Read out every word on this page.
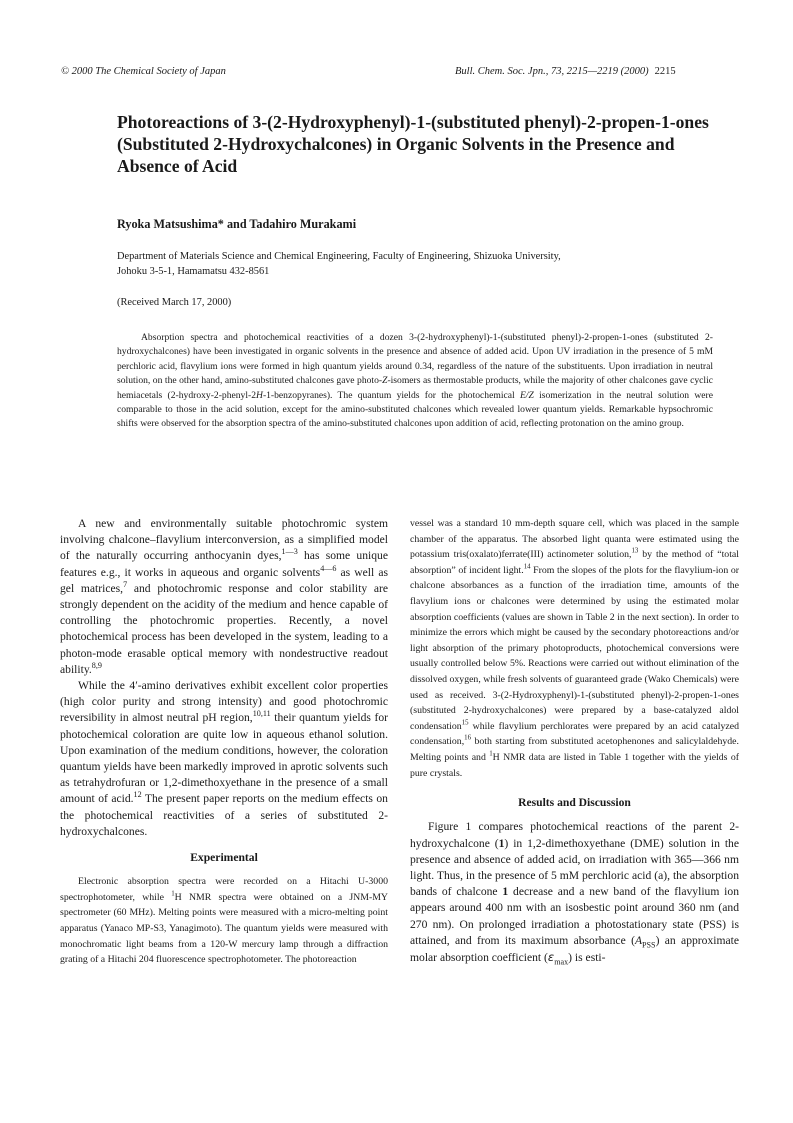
© 2000 The Chemical Society of Japan	Bull. Chem. Soc. Jpn., 73, 2215—2219 (2000) 2215
Photoreactions of 3-(2-Hydroxyphenyl)-1-(substituted phenyl)-2-propen-1-ones (Substituted 2-Hydroxychalcones) in Organic Solvents in the Presence and Absence of Acid
Ryoka Matsushima* and Tadahiro Murakami
Department of Materials Science and Chemical Engineering, Faculty of Engineering, Shizuoka University,
Johoku 3-5-1, Hamamatsu 432-8561
(Received March 17, 2000)

Absorption spectra and photochemical reactivities of a dozen 3-(2-hydroxyphenyl)-1-(substituted phenyl)-2-propen-1-ones (substituted 2-hydroxychalcones) have been investigated in organic solvents in the presence and absence of added acid. Upon UV irradiation in the presence of 5 mM perchloric acid, flavylium ions were formed in high quantum yields around 0.34, regardless of the nature of the substituents. Upon irradiation in neutral solution, on the other hand, amino-substituted chalcones gave photo-Z-isomers as thermostable products, while the majority of other chalcones gave cyclic hemiacetals (2-hydroxy-2-phenyl-2H-1-benzopyranes). The quantum yields for the photochemical E/Z isomerization in the neutral solution were comparable to those in the acid solution, except for the amino-substituted chalcones which revealed lower quantum yields. Remarkable hypsochromic shifts were observed for the absorption spectra of the amino-substituted chalcones upon addition of acid, reflecting protonation on the amino group.

A new and environmentally suitable photochromic system involving chalcone–flavylium interconversion, as a simplified model of the naturally occurring anthocyanin dyes,$^{1—3}$ has some unique features e.g., it works in aqueous and organic solvents$^{4—6}$ as well as gel matrices,$^7$ and photochromic response and color stability are strongly dependent on the acidity of the medium and hence capable of controlling the photochromic properties. Recently, a novel photochemical process has been developed in the system, leading to a photon-mode erasable optical memory with nondestructive readout ability.$^{8,9}$

While the 4′-amino derivatives exhibit excellent color properties (high color purity and strong intensity) and good photochromic reversibility in almost neutral pH region,$^{10,11}$ their quantum yields for photochemical coloration are quite low in aqueous ethanol solution. Upon examination of the medium conditions, however, the coloration quantum yields have been markedly improved in aprotic solvents such as tetrahydrofuran or 1,2-dimethoxyethane in the presence of a small amount of acid.$^{12}$ The present paper reports on the medium effects on the photochemical reactivities of a series of substituted 2-hydroxychalcones.

Experimental

Electronic absorption spectra were recorded on a Hitachi U-3000 spectrophotometer, while $^1$H NMR spectra were obtained on a JNM-MY spectrometer (60 MHz). Melting points were measured with a micro-melting point apparatus (Yanaco MP-S3, Yanagimoto). The quantum yields were measured with monochromatic light beams from a 120-W mercury lamp through a diffraction grating of a Hitachi 204 fluorescence spectrophotometer. The photoreaction

vessel was a standard 10 mm-depth square cell, which was placed in the sample chamber of the apparatus. The absorbed light quanta were estimated using the potassium tris(oxalato)ferrate(III) actinometer solution,$^{13}$ by the method of “total absorption” of incident light.$^{14}$ From the slopes of the plots for the flavylium-ion or chalcone absorbances as a function of the irradiation time, amounts of the flavylium ions or chalcones were determined by using the estimated molar absorption coefficients (values are shown in Table 2 in the next section). In order to minimize the errors which might be caused by the secondary photoreactions and/or light absorption of the primary photoproducts, photochemical conversions were usually controlled below 5%. Reactions were carried out without elimination of the dissolved oxygen, while fresh solvents of guaranteed grade (Wako Chemicals) were used as received. 3-(2-Hydroxyphenyl)-1-(substituted phenyl)-2-propen-1-ones (substituted 2-hydroxychalcones) were prepared by a base-catalyzed aldol condensation$^{15}$ while flavylium perchlorates were prepared by an acid catalyzed condensation,$^{16}$ both starting from substituted acetophenones and salicylaldehyde. Melting points and $^1$H NMR data are listed in Table 1 together with the yields of pure crystals.

Results and Discussion

Figure 1 compares photochemical reactions of the parent 2-hydroxychalcone (1) in 1,2-dimethoxyethane (DME) solution in the presence and absence of added acid, on irradiation with 365—366 nm light. Thus, in the presence of 5 mM perchloric acid (a), the absorption bands of chalcone 1 decrease and a new band of the flavylium ion appears around 400 nm with an isosbestic point around 360 nm (and 270 nm). On prolonged irradiation a photostationary state (PSS) is attained, and from its maximum absorbance $(A_{PSS})$ an approximate molar absorption coefficient $(\varepsilon_{max})$ is esti-
